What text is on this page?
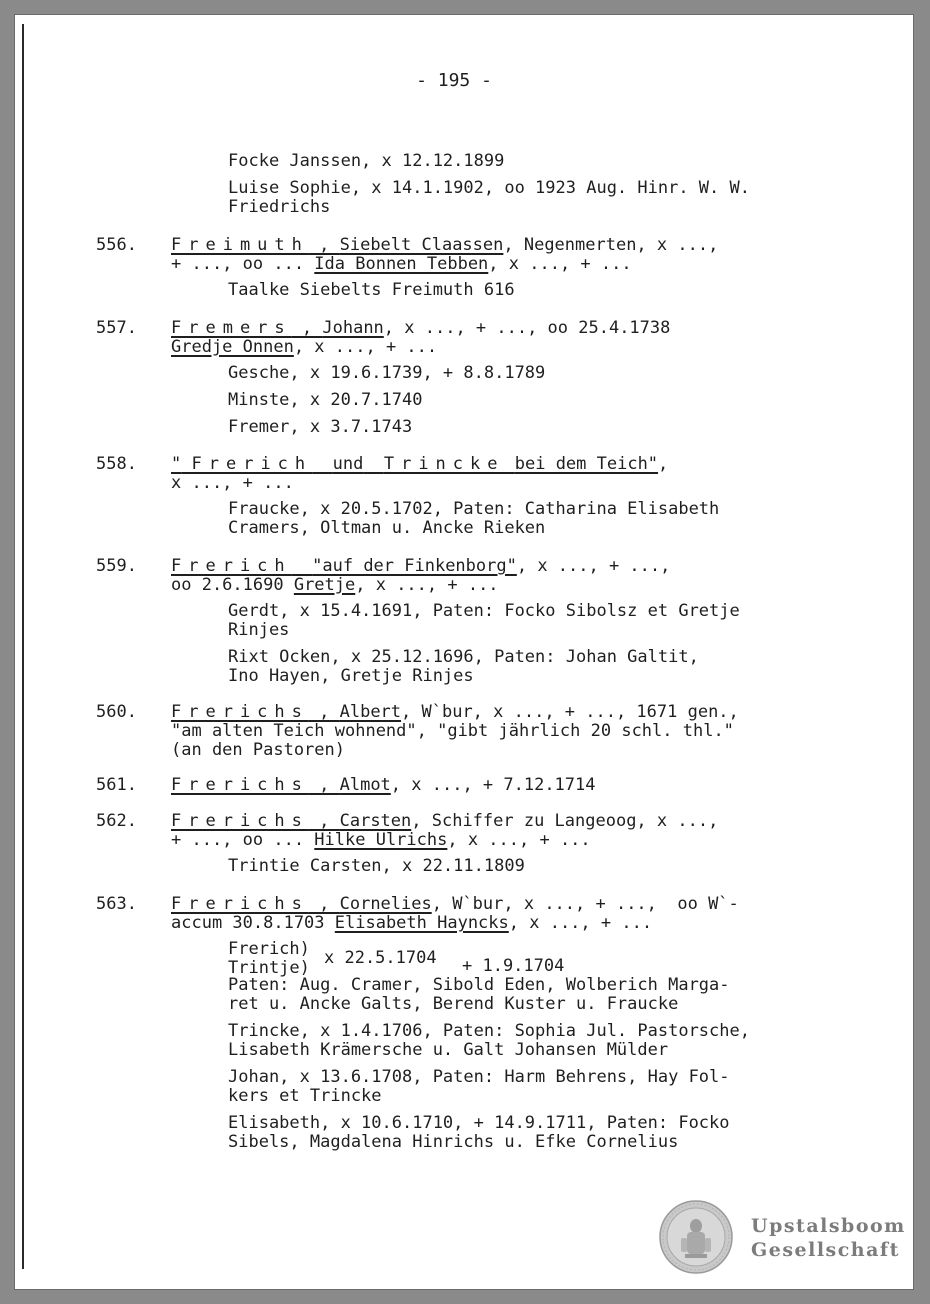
- 195 -
Focke Janssen, x 12.12.1899
Luise Sophie, x 14.1.1902, oo 1923 Aug. Hinr. W. W.
Friedrichs
556. Freimuth , Siebelt Claassen, Negenmerten, x ...,
+ ..., oo ... Ida Bonnen Tebben, x ..., + ...
Taalke Siebelts Freimuth 616
557. Fremers , Johann, x ..., + ..., oo 25.4.1738
Gredje Onnen, x ..., + ...
Gesche, x 19.6.1739, + 8.8.1789
Minste, x 20.7.1740
Fremer, x 3.7.1743
558. " Frerich und Trincke bei dem Teich",
x ..., + ...
Fraucke, x 20.5.1702, Paten: Catharina Elisabeth
Cramers, Oltman u. Ancke Rieken
559. Frerich "auf der Finkenborg", x ..., + ...,
oo 2.6.1690 Gretje, x ..., + ...
Gerdt, x 15.4.1691, Paten: Focko Sibolsz et Gretje
Rinjes
Rixt Ocken, x 25.12.1696, Paten: Johan Galtit,
Ino Hayen, Gretje Rinjes
560. Frerichs , Albert, W`bur, x ..., + ..., 1671 gen.,
"am alten Teich wohnend", "gibt jährlich 20 schl. thl."
(an den Pastoren)
561. Frerichs , Almot, x ..., + 7.12.1714
562. Frerichs , Carsten, Schiffer zu Langeoog, x ...,
+ ..., oo ... Hilke Ulrichs, x ..., + ...
Trintie Carsten, x 22.11.1809
563. Frerichs , Cornelies, W`bur, x ..., + ...,  oo W`-
accum 30.8.1703 Elisabeth Hayncks, x ..., + ...
Frerich)
Trintje) x 22.5.1704 + 1.9.1704
Paten: Aug. Cramer, Sibold Eden, Wolberich Marga-
ret u. Ancke Galts, Berend Kuster u. Fraucke
Trincke, x 1.4.1706, Paten: Sophia Jul. Pastorsche,
Lisabeth Krämersche u. Galt Johansen Mülder
Johan, x 13.6.1708, Paten: Harm Behrens, Hay Fol-
kers et Trincke
Elisabeth, x 10.6.1710, + 14.9.1711, Paten: Focko
Sibels, Magdalena Hinrichs u. Efke Cornelius
Upstalsboom
Gesellschaft
